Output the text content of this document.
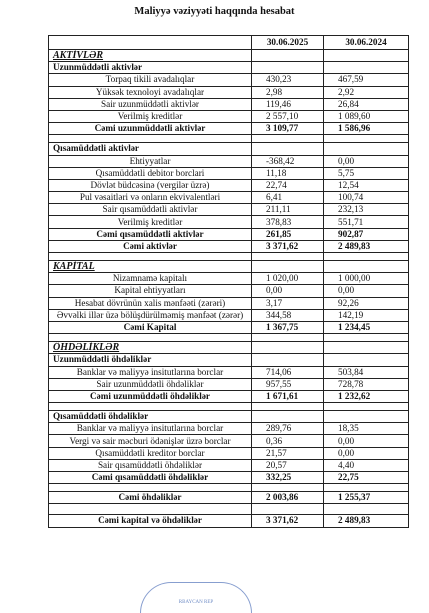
Maliyyə vəziyyəti haqqında hesabat
	30.06.2025	30.06.2024
AKTİVLƏR		
Uzunmüddətli aktivlər		
Torpaq tikili avadalıqlar	430,23	467,59
Yüksək texnoloyi avadalıqlar	2,98	2,92
Sair uzunmüddətli aktivlər	119,46	26,84
Verilmiş kreditlər	2 557,10	1 089,60
Cəmi uzunmüddətli aktivlər	3 109,77	1 586,96

Qısamüddətli aktivlər		
Ehtiyyatlar	-368,42	0,00
Qısamüddətli debitor borclari	11,18	5,75
Dövlət büdcəsinə (vergilər üzrə)	22,74	12,54
Pul vəsaitləri və onların ekvivalentləri	6,41	100,74
Sair qısamüddətli aktivlər	211,11	232,13
Verilmiş kreditlər	378,83	551,71
Cəmi qısamüddətli aktivlər	261,85	902,87
Cəmi aktivlər	3 371,62	2 489,83

KAPİTAL		
Nizamnamə kapitalı	1 020,00	1 000,00
Kapital ehtiyyatları	0,00	0,00
Hesabat dövrünün xalis mənfəəti (zərəri)	3,17	92,26
Əvvəlki illər üzə bölüşdürülməmiş mənfəət (zərər)	344,58	142,19
Cəmi Kapital	1 367,75	1 234,45

ÖHDƏLİKLƏR		
Uzunmüddətli öhdəliklər		
Banklar və maliyyə insitutlarına borclar	714,06	503,84
Sair uzunmüddətli öhdəliklər	957,55	728,78
Cəmi uzunmüddətli öhdəliklər	1 671,61	1 232,62

Qısamüddətli öhdəliklər		
Banklar və maliyyə insitutlarına borclar	289,76	18,35
Vergi və sair məcburi ödənişlər üzrə borclar	0,36	0,00
Qısamüddətli kreditor borclar	21,57	0,00
Sair qısamüddətli öhdəliklər	20,57	4,40
Cəmi qısamüddətli öhdəliklər	332,25	22,75

Cəmi öhdəliklər	2 003,86	1 255,37

Cəmi kapital və öhdəliklər	3 371,62	2 489,83
RBAYCAN REP
